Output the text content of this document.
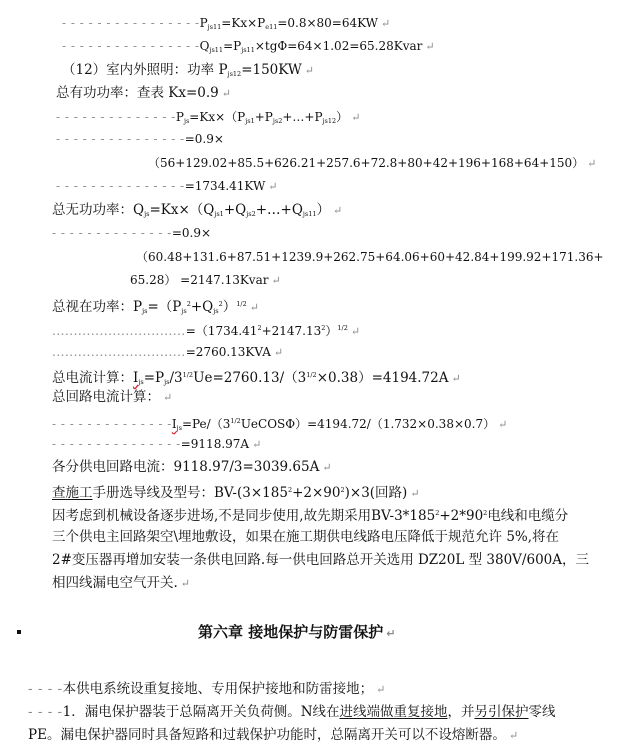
- - - - - - - - - - - - - - - $-P_{js11}=Kx\times P_{e11}=0.8\times 80=64KW$ ↵
- - - - - - - - - - - - - - - $-Q_{js11}=P_{js11}\times tg\Phi=64\times 1.02=65.28Kvar$ ↵
（12）室内外照明：功率 $P_{js12}=150KW$ ↵
总有功功率：查表 Kx=0.9 ↵
- - - - - - - - - - - - - $-P_{js}=Kx\times(P_{js1}+P_{js2}+\dots+P_{js12})$ ↵
- - - - - - - - - - - - - - -=0.9×
（56+129.02+85.5+626.21+257.6+72.8+80+42+196+168+64+150） ↵
- - - - - - - - - - - - - - -=1734.41KW ↵
总无功功率：$Q_{js}=Kx\times(Q_{js1}+Q_{js2}+\dots+Q_{js11})$ ↵
- - - - - - - - - - - - - -=0.9×
（60.48+131.6+87.51+1239.9+262.75+64.06+60+42.84+199.92+171.36+
65.28） =2147.13Kvar ↵
总视在功率：$P_{js}=(P_{js}^2+Q_{js}^2)^{1/2}$ ↵
$...............................=(1734.41^2+2147.13^2)^{1/2}$ ↵
...............................=2760.13KVA ↵
总电流计算：$I_{js}=P_{js}/3^{1/2}Ue=2760.13/(3^{1/2}\times 0.38)=4194.72A$ ↵
总回路电流计算： ↵
- - - - - - - - - - - - - $-I_{js}=Pe/(3^{1/2}UeCOS\Phi)=4194.72/(1.732\times 0.38\times 0.7)$ ↵
- - - - - - - - - - - - - - -=9118.97A ↵
各分供电回路电流：9118.97/3=3039.65A ↵
查施工手册选导线及型号：$BV-(3\times 185^2+2\times 90^2)\times 3$(回路) ↵
因考虑到机械设备逐步进场,不是同步使用,故先期采用$BV-3*185^2+2*90^2$电线和电缆分
三个供电主回路架空\埋地敷设，如果在施工期供电线路电压降低于规范允许 5%,将在
2#变压器再增加安装一条供电回路.每一供电回路总开关选用 DZ20L 型 380V/600A，三
相四线漏电空气开关. ↵
第六章 接地保护与防雷保护 ↵
- - - -本供电系统设重复接地、专用保护接地和防雷接地； ↵
- - - -1．漏电保护器装于总隔离开关负荷侧。N线在进线端做重复接地，并另引保护零线
PE。漏电保护器同时具备短路和过载保护功能时，总隔离开关可以不设熔断器。 ↵
